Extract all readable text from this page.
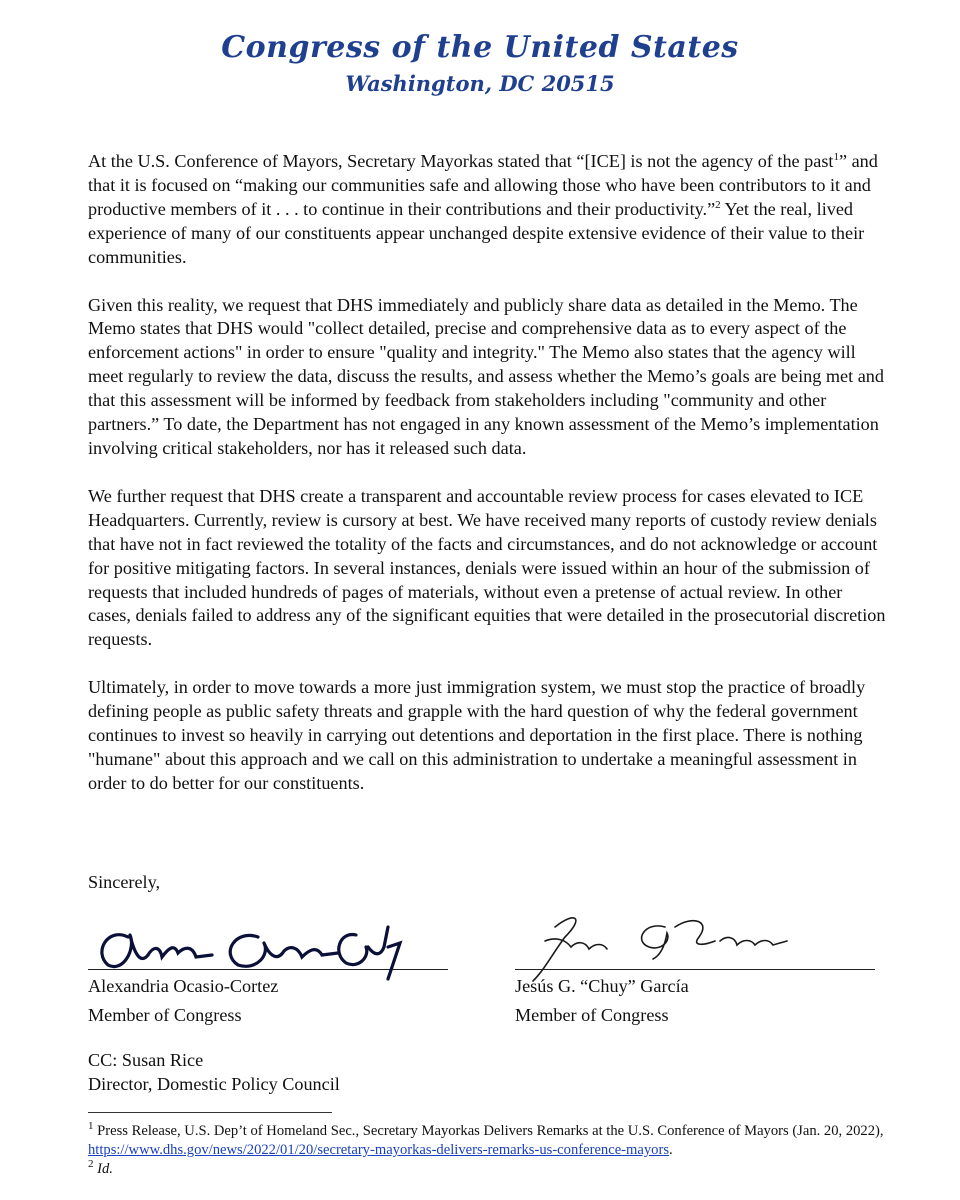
Congress of the United States
Washington, DC 20515

At the U.S. Conference of Mayors, Secretary Mayorkas stated that “[ICE] is not the agency of the past$^1$” and that it is focused on “making our communities safe and allowing those who have been contributors to it and productive members of it . . . to continue in their contributions and their productivity.”$^2$ Yet the real, lived experience of many of our constituents appear unchanged despite extensive evidence of their value to their communities.

Given this reality, we request that DHS immediately and publicly share data as detailed in the Memo. The Memo states that DHS would "collect detailed, precise and comprehensive data as to every aspect of the enforcement actions" in order to ensure "quality and integrity." The Memo also states that the agency will meet regularly to review the data, discuss the results, and assess whether the Memo’s goals are being met and that this assessment will be informed by feedback from stakeholders including "community and other partners.” To date, the Department has not engaged in any known assessment of the Memo’s implementation involving critical stakeholders, nor has it released such data.

We further request that DHS create a transparent and accountable review process for cases elevated to ICE Headquarters. Currently, review is cursory at best. We have received many reports of custody review denials that have not in fact reviewed the totality of the facts and circumstances, and do not acknowledge or account for positive mitigating factors. In several instances, denials were issued within an hour of the submission of requests that included hundreds of pages of materials, without even a pretense of actual review. In other cases, denials failed to address any of the significant equities that were detailed in the prosecutorial discretion requests.

Ultimately, in order to move towards a more just immigration system, we must stop the practice of broadly defining people as public safety threats and grapple with the hard question of why the federal government continues to invest so heavily in carrying out detentions and deportation in the first place. There is nothing "humane" about this approach and we call on this administration to undertake a meaningful assessment in order to do better for our constituents.

Sincerely,
Alexandria Ocasio-Cortez
Member of Congress
Jesús G. “Chuy” García
Member of Congress
CC: Susan Rice
Director, Domestic Policy Council
$^1$ Press Release, U.S. Dep’t of Homeland Sec., Secretary Mayorkas Delivers Remarks at the U.S. Conference of Mayors (Jan. 20, 2022), https://www.dhs.gov/news/2022/01/20/secretary-mayorkas-delivers-remarks-us-conference-mayors.
$^2$ Id.
